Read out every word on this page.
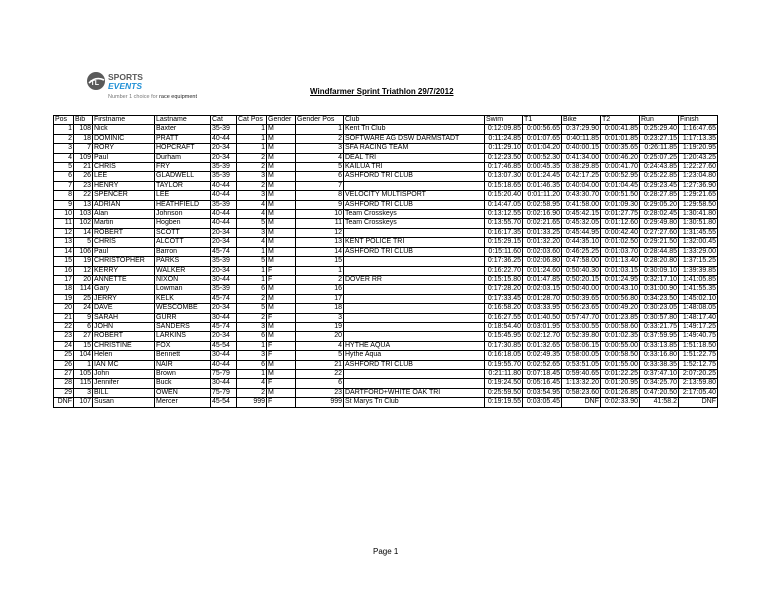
TL
SPORTS
EVENTS
Number 1 choice for race equipment
Windfarmer Sprint Triathlon 29/7/2012
Pos	Bib	Firstname	Lastname	Cat	Cat Pos	Gender	Gender Pos	Club	Swim	T1	Bike	T2	Run	Finish
1	108	Nick	Baxter	35-39	1	M	1	Kent Tri Club	0:12:09.85	0:00:56.65	0:37:29.90	0:00:41.85	0:25:29.40	1:16:47.65
2	18	DOMINIC	PRATT	40-44	1	M	2	SOFTWARE AG DSW DARMSTADT	0:11:24.85	0:01:07.65	0:40:11.85	0:01:01.85	0:23:27.15	1:17:13.35
3	7	RORY	HOPCRAFT	20-34	1	M	3	SFA RACING TEAM	0:11:29.10	0:01:04.20	0:40:00.15	0:00:35.65	0:26:11.85	1:19:20.95
4	109	Paul	Durham	20-34	2	M	4	DEAL TRI	0:12:23.50	0:00:52.30	0:41:34.00	0:00:46.20	0:25:07.25	1:20:43.25
5	21	CHRIS	FRY	35-39	2	M	5	KAILUA TRI	0:17:46.85	0:00:45.35	0:38:29.85	0:00:41.70	0:24:43.85	1:22:27.60
6	26	LEE	GLADWELL	35-39	3	M	6	ASHFORD TRI CLUB	0:13:07.30	0:01:24.45	0:42:17.25	0:00:52.95	0:25:22.85	1:23:04.80
7	23	HENRY	TAYLOR	40-44	2	M	7		0:15:18.65	0:01:46.35	0:40:04.00	0:01:04.45	0:29:23.45	1:27:36.90
8	22	SPENCER	LEE	40-44	3	M	8	VELOCITY MULTISPORT	0:15:20.40	0:01:11.20	0:43:30.70	0:00:51.50	0:28:27.85	1:29:21.65
9	13	ADRIAN	HEATHFIELD	35-39	4	M	9	ASHFORD TRI CLUB	0:14:47.05	0:02:58.95	0:41:58.00	0:01:09.30	0:29:05.20	1:29:58.50
10	103	Alan	Johnson	40-44	4	M	10	Team Crosskeys	0:13:12.55	0:02:16.90	0:45:42.15	0:01:27.75	0:28:02.45	1:30:41.80
11	102	Martin	Hogben	40-44	5	M	11	Team Crosskeys	0:13:55.70	0:02:21.65	0:45:32.05	0:01:12.60	0:29:49.80	1:30:51.80
12	14	ROBERT	SCOTT	20-34	3	M	12		0:16:17.35	0:01:33.25	0:45:44.95	0:00:42.40	0:27:27.60	1:31:45.55
13	5	CHRIS	ALCOTT	20-34	4	M	13	KENT POLICE TRI	0:15:29.15	0:01:32.20	0:44:35.10	0:01:02.50	0:29:21.50	1:32:00.45
14	106	Paul	Barron	45-74	1	M	14	ASHFORD TRI CLUB	0:15:11.60	0:02:03.60	0:46:25.25	0:01:03.70	0:28:44.85	1:33:29.00
15	19	CHRISTOPHER	PARKS	35-39	5	M	15		0:17:36.25	0:02:06.80	0:47:58.00	0:01:13.40	0:28:20.80	1:37:15.25
16	12	KERRY	WALKER	20-34	1	F	1		0:16:22.70	0:01:24.60	0:50:40.30	0:01:03.15	0:30:09.10	1:39:39.85
17	20	ANNETTE	NIXON	30-44	1	F	2	DOVER RR	0:15:15.80	0:01:47.85	0:50:20.15	0:01:24.95	0:32:17.10	1:41:05.85
18	114	Gary	Lowman	35-39	6	M	16		0:17:28.20	0:02:03.15	0:50:40.00	0:00:43.10	0:31:00.90	1:41:55.35
19	25	JERRY	KELK	45-74	2	M	17		0:17:33.45	0:01:28.70	0:50:39.65	0:00:56.80	0:34:23.50	1:45:02.10
20	24	DAVE	WESCOMBE	20-34	5	M	18		0:16:58.20	0:03:33.95	0:56:23.65	0:00:49.20	0:30:23.05	1:48:08.05
21	9	SARAH	GURR	30-44	2	F	3		0:16:27.55	0:01:40.50	0:57:47.70	0:01:23.85	0:30:57.80	1:48:17.40
22	6	JOHN	SANDERS	45-74	3	M	19		0:18:54.40	0:03:01.95	0:53:00.55	0:00:58.60	0:33:21.75	1:49:17.25
23	27	ROBERT	LARKINS	20-34	6	M	20		0:15:45.95	0:02:12.70	0:52:39.80	0:01:02.35	0:37:59.95	1:49:40.75
24	15	CHRISTINE	FOX	45-54	1	F	4	HYTHE AQUA	0:17:30.85	0:01:32.65	0:58:06.15	0:00:55.00	0:33:13.85	1:51:18.50
25	104	Helen	Bennett	30-44	3	F	5	Hythe Aqua	0:16:18.05	0:02:49.35	0:58:00.05	0:00:58.50	0:33:16.80	1:51:22.75
26	1	IAN MC	NAIR	40-44	6	M	21	ASHFORD TRI CLUB	0:19:55.70	0:02:52.65	0:53:51.05	0:01:55.00	0:33:38.35	1:52:12.75
27	105	John	Brown	75-79	1	M	22		0:21:11.80	0:07:18.45	0:59:40.65	0:01:22.25	0:37:47.10	2:07:20.25
28	115	Jennifer	Buck	30-44	4	F	6		0:19:24.50	0:05:16.45	1:13:32.20	0:01:20.95	0:34:25.70	2:13:59.80
29	3	BILL	OWEN	75-79	2	M	23	DARTFORD+WHITE OAK TRI	0:25:59.50	0:03:54.95	0:58:23.60	0:01:26.85	0:47:20.50	2:17:05.40
DNF	107	Susan	Mercer	45-54	999	F	999	St Marys Tri Club	0:19:19.55	0:03:05.45	DNF	0:02:33.90	41:58.2	DNF
Page 1
